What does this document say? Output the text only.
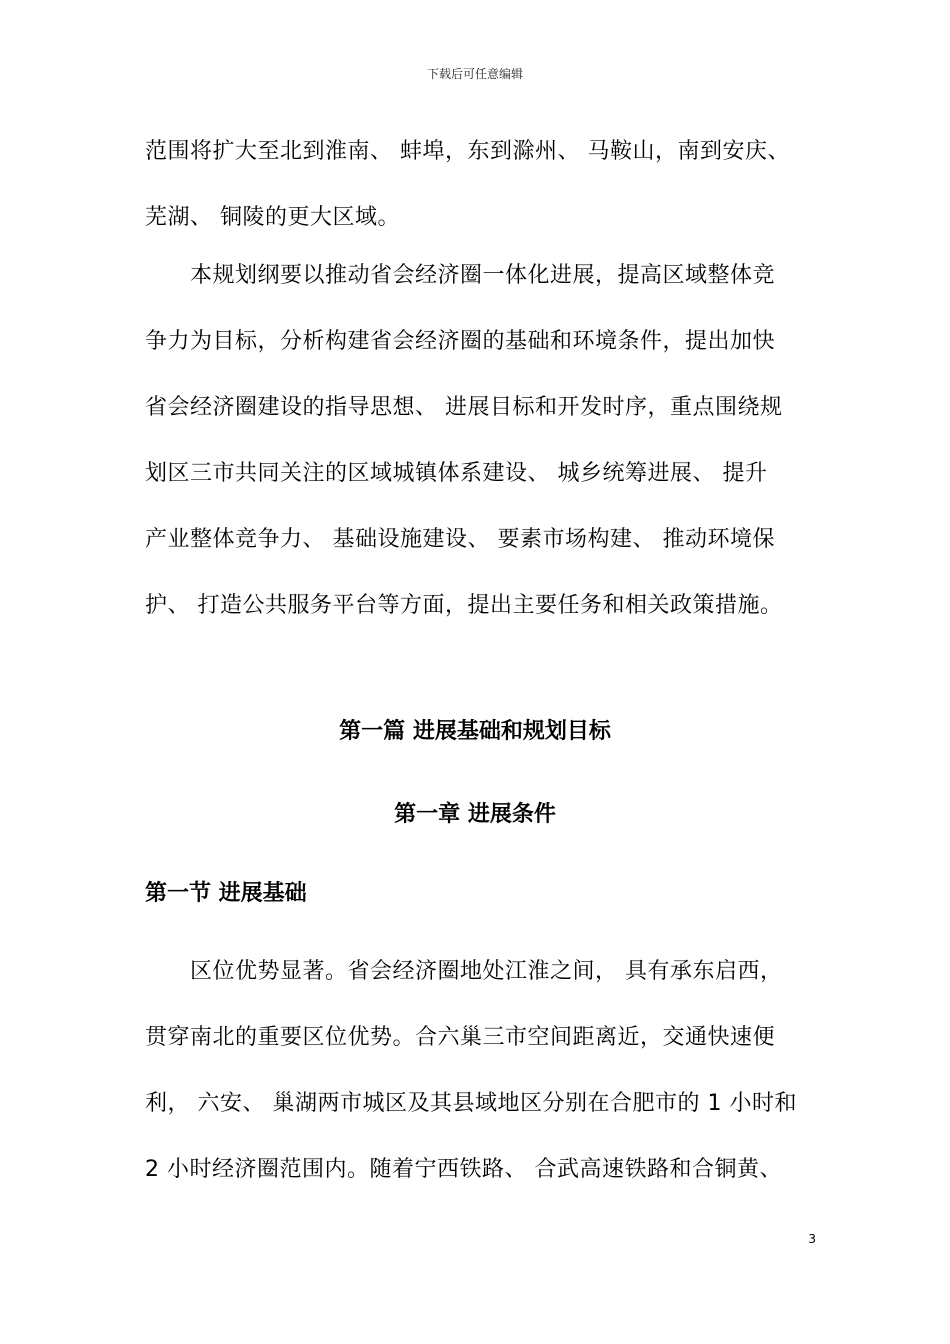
下载后可任意编辑
范围将扩大至北到淮南、 蚌埠，东到滁州、 马鞍山，南到安庆、
芜湖、 铜陵的更大区域。
本规划纲要以推动省会经济圈一体化进展，提高区域整体竞
争力为目标，分析构建省会经济圈的基础和环境条件，提出加快
省会经济圈建设的指导思想、 进展目标和开发时序，重点围绕规
划区三市共同关注的区域城镇体系建设、 城乡统筹进展、 提升
产业整体竞争力、 基础设施建设、 要素市场构建、 推动环境保
护、 打造公共服务平台等方面，提出主要任务和相关政策措施。
第一篇 进展基础和规划目标
第一章 进展条件
第一节 进展基础
区位优势显著。省会经济圈地处江淮之间， 具有承东启西，
贯穿南北的重要区位优势。合六巢三市空间距离近，交通快速便
利， 六安、 巢湖两市城区及其县域地区分别在合肥市的 1 小时和
2 小时经济圈范围内。随着宁西铁路、 合武高速铁路和合铜黄、
3
